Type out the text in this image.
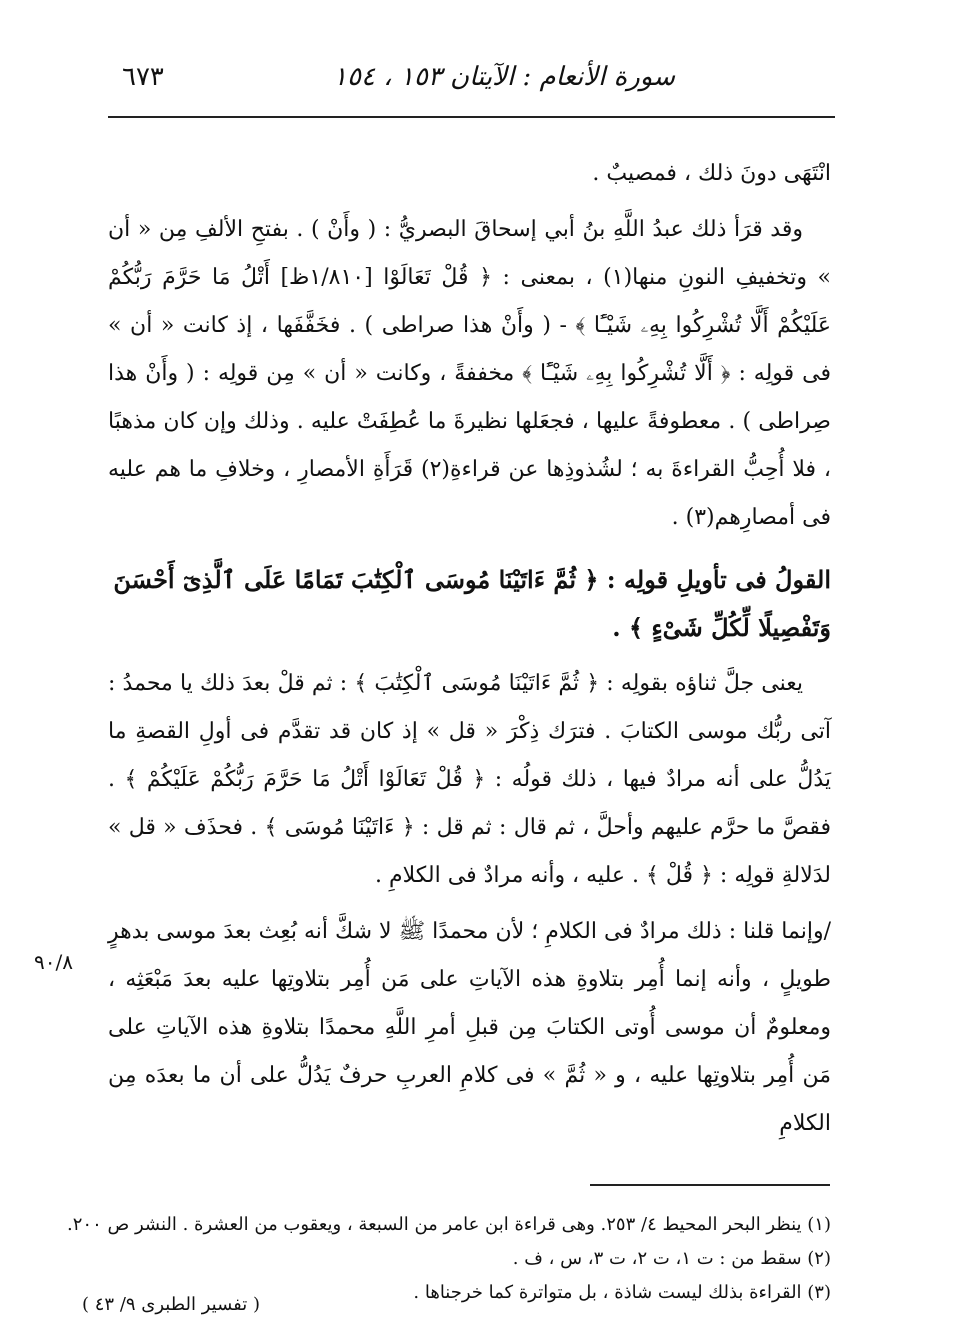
سورة الأنعام : الآيتان ١٥٣ ، ١٥٤
٦٧٣

انْتَهَى دونَ ذلك ، فمصيبٌ .

وقد قرَأ ذلك عبدُ اللَّهِ بنُ أبي إسحاقَ البصريُّ : ( وأَنْ ) . بفتحِ الألفِ مِن « أن » وتخفيفِ النونِ منها(١) ، بمعنى : ﴿ قُلْ تَعَالَوْا [١/٨١٠ظ] أَتْلُ مَا حَرَّمَ رَبُّكُمْ عَلَيْكُمْ أَلَّا تُشْرِكُوا بِهِۦ شَيْـًٔا ﴾ - ( وأَنْ هذا صراطى ) . فخَفَّفَها ، إذ كانت « أن » فى قولِه : ﴿ أَلَّا تُشْرِكُوا بِهِۦ شَيْـًٔا ﴾ مخففةً ، وكانت « أن » مِن قولِه : ( وأَنْ هذا صِراطى ) . معطوفةً عليها ، فجعَلها نظيرةَ ما عُطِفَتْ عليه . وذلك وإن كان مذهبًا ، فلا أُحِبُّ القراءةَ به ؛ لشُذوذِها عن قراءةِ(٢) قَرَأَةِ الأمصارِ ، وخلافِ ما هم عليه فى أمصارِهم(٣) .

القولُ فى تأويلِ قولِه : ﴿ ثُمَّ ءَاتَيْنَا مُوسَى ٱلْكِتَٰبَ تَمَامًا عَلَى ٱلَّذِىٓ أَحْسَنَ وَتَفْصِيلًا لِّكُلِّ شَىْءٍ ﴾ .

يعنى جلَّ ثناؤه بقولِه : ﴿ ثُمَّ ءَاتَيْنَا مُوسَى ٱلْكِتَٰبَ ﴾ : ثم قلْ بعدَ ذلك يا محمدُ : آتى ربُّك موسى الكتابَ . فترَك ذِكْرَ « قل » إذ كان قد تقدَّم فى أولِ القصةِ ما يَدُلُّ على أنه مرادٌ فيها ، ذلك قولُه : ﴿ قُلْ تَعَالَوْا أَتْلُ مَا حَرَّمَ رَبُّكُمْ عَلَيْكُمْ ﴾ . فقصَّ ما حرَّم عليهم وأحلَّ ، ثم قال : ثم قل : ﴿ ءَاتَيْنَا مُوسَى ﴾ . فحذَف « قل » لدَلالةِ قولِه : ﴿ قُلْ ﴾ . عليه ، وأنه مرادٌ فى الكلامِ .

/وإنما قلنا : ذلك مرادٌ فى الكلامِ ؛ لأن محمدًا ﷺ لا شكَّ أنه بُعِث بعدَ موسى بدهرٍ طويلٍ ، وأنه إنما أُمِر بتلاوةِ هذه الآياتِ على مَن أُمِر بتلاوتِها عليه بعدَ مَبْعَثِه ، ومعلومٌ أن موسى أُوتى الكتابَ مِن قبلِ أمرِ اللَّهِ محمدًا بتلاوةِ هذه الآياتِ على مَن أُمِر بتلاوتِها عليه ، و « ثُمَّ » فى كلامِ العربِ حرفٌ يَدُلُّ على أن ما بعدَه مِن الكلامِ

٩٠/٨

(١) ينظر البحر المحيط ٤/ ٢٥٣. وهى قراءة ابن عامر من السبعة ، ويعقوب من العشرة . النشر ص ٢٠٠.

(٢) سقط من : ت ١، ت ٢، ت ٣، س ، ف .

(٣) القراءة بذلك ليست شاذة ، بل متواترة كما خرجناها .

( تفسير الطبرى ٩/ ٤٣ )
